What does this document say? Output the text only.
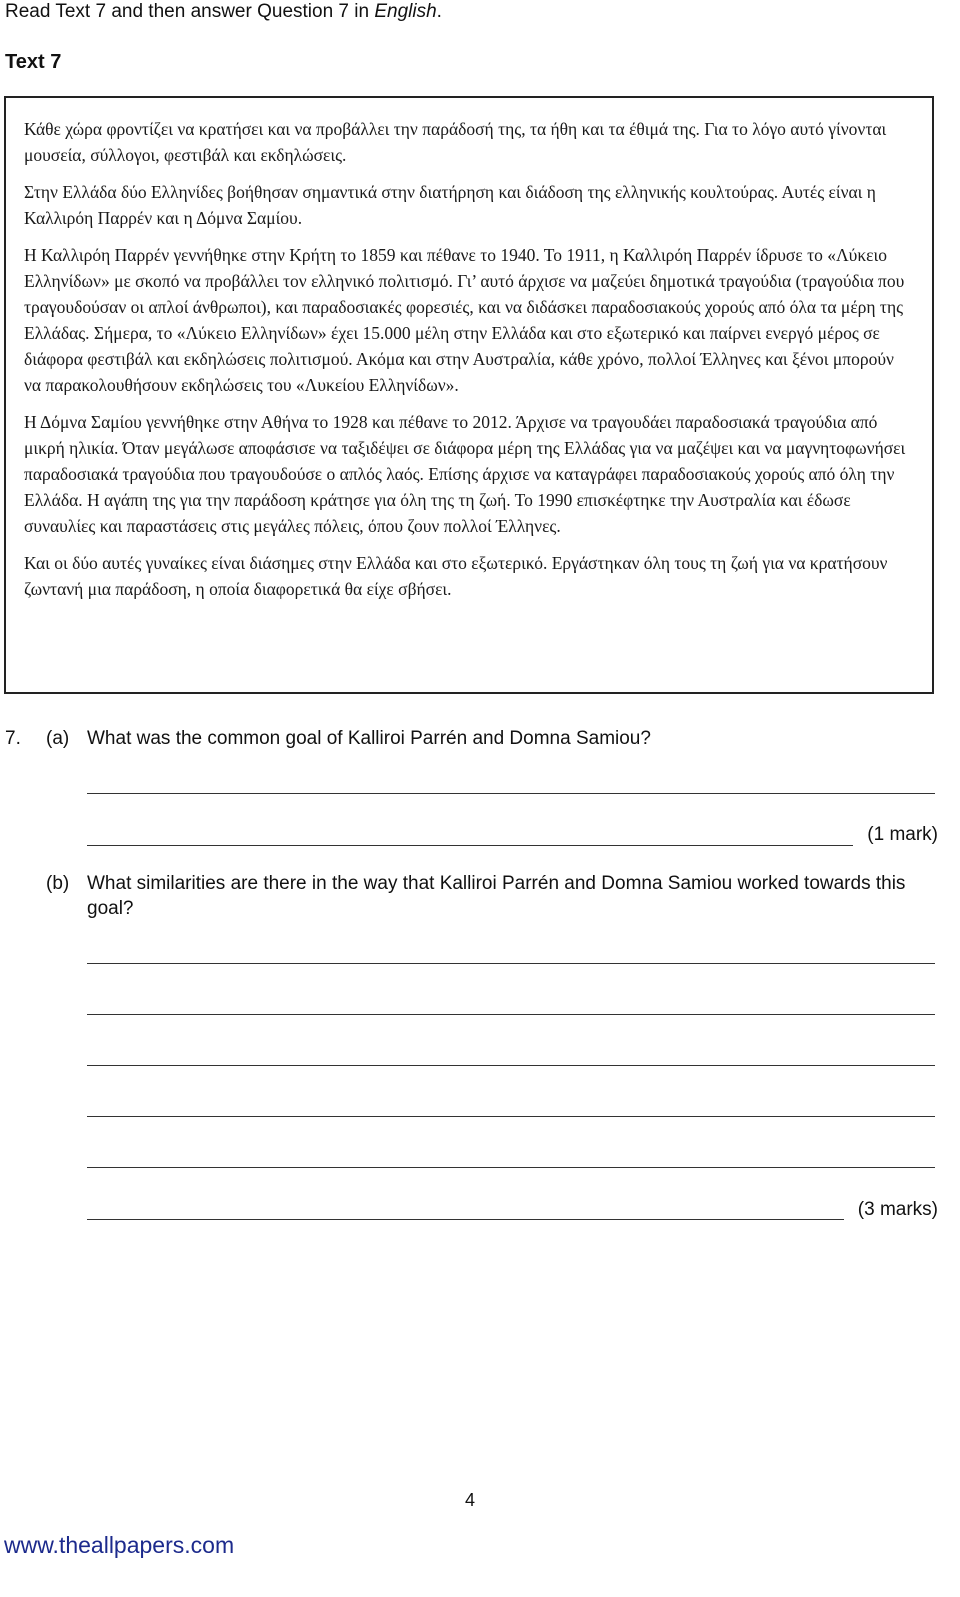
Read Text 7 and then answer Question 7 in English.
Text 7

Κάθε χώρα φροντίζει να κρατήσει και να προβάλλει την παράδοσή της, τα ήθη και τα έθιμά της. Για το λόγο αυτό γίνονται μουσεία, σύλλογοι, φεστιβάλ και εκδηλώσεις.

Στην Ελλάδα δύο Ελληνίδες βοήθησαν σημαντικά στην διατήρηση και διάδοση της ελληνικής κουλτούρας. Αυτές είναι η Καλλιρόη Παρρέν και η Δόμνα Σαμίου.

Η Καλλιρόη Παρρέν γεννήθηκε στην Κρήτη το 1859 και πέθανε το 1940. Το 1911, η Καλλιρόη Παρρέν ίδρυσε το «Λύκειο Ελληνίδων» με σκοπό να προβάλλει τον ελληνικό πολιτισμό. Γι’ αυτό άρχισε να μαζεύει δημοτικά τραγούδια (τραγούδια που τραγουδούσαν οι απλοί άνθρωποι), και παραδοσιακές φορεσιές, και να διδάσκει παραδοσιακούς χορούς από όλα τα μέρη της Ελλάδας. Σήμερα, το «Λύκειο Ελληνίδων» έχει 15.000 μέλη στην Ελλάδα και στο εξωτερικό και παίρνει ενεργό μέρος σε διάφορα φεστιβάλ και εκδηλώσεις πολιτισμού. Ακόμα και στην Αυστραλία, κάθε χρόνο, πολλοί Έλληνες και ξένοι μπορούν να παρακολουθήσουν εκδηλώσεις του «Λυκείου Ελληνίδων».

Η Δόμνα Σαμίου γεννήθηκε στην Αθήνα το 1928 και πέθανε το 2012. Άρχισε να τραγουδάει παραδοσιακά τραγούδια από μικρή ηλικία. Όταν μεγάλωσε αποφάσισε να ταξιδέψει σε διάφορα μέρη της Ελλάδας για να μαζέψει και να μαγνητοφωνήσει παραδοσιακά τραγούδια που τραγουδούσε ο απλός λαός. Επίσης άρχισε να καταγράφει παραδοσιακούς χορούς από όλη την Ελλάδα. Η αγάπη της για την παράδοση κράτησε για όλη της τη ζωή. Το 1990 επισκέφτηκε την Αυστραλία και έδωσε συναυλίες και παραστάσεις στις μεγάλες πόλεις, όπου ζουν πολλοί Έλληνες.

Και οι δύο αυτές γυναίκες είναι διάσημες στην Ελλάδα και στο εξωτερικό. Εργάστηκαν όλη τους τη ζωή για να κρατήσουν ζωντανή μια παράδοση, η οποία διαφορετικά θα είχε σβήσει.

7. (a) What was the common goal of Kalliroi Parrén and Domna Samiou?
(1 mark)
(b) What similarities are there in the way that Kalliroi Parrén and Domna Samiou worked towards this goal?
(3 marks)
4
www.theallpapers.com
